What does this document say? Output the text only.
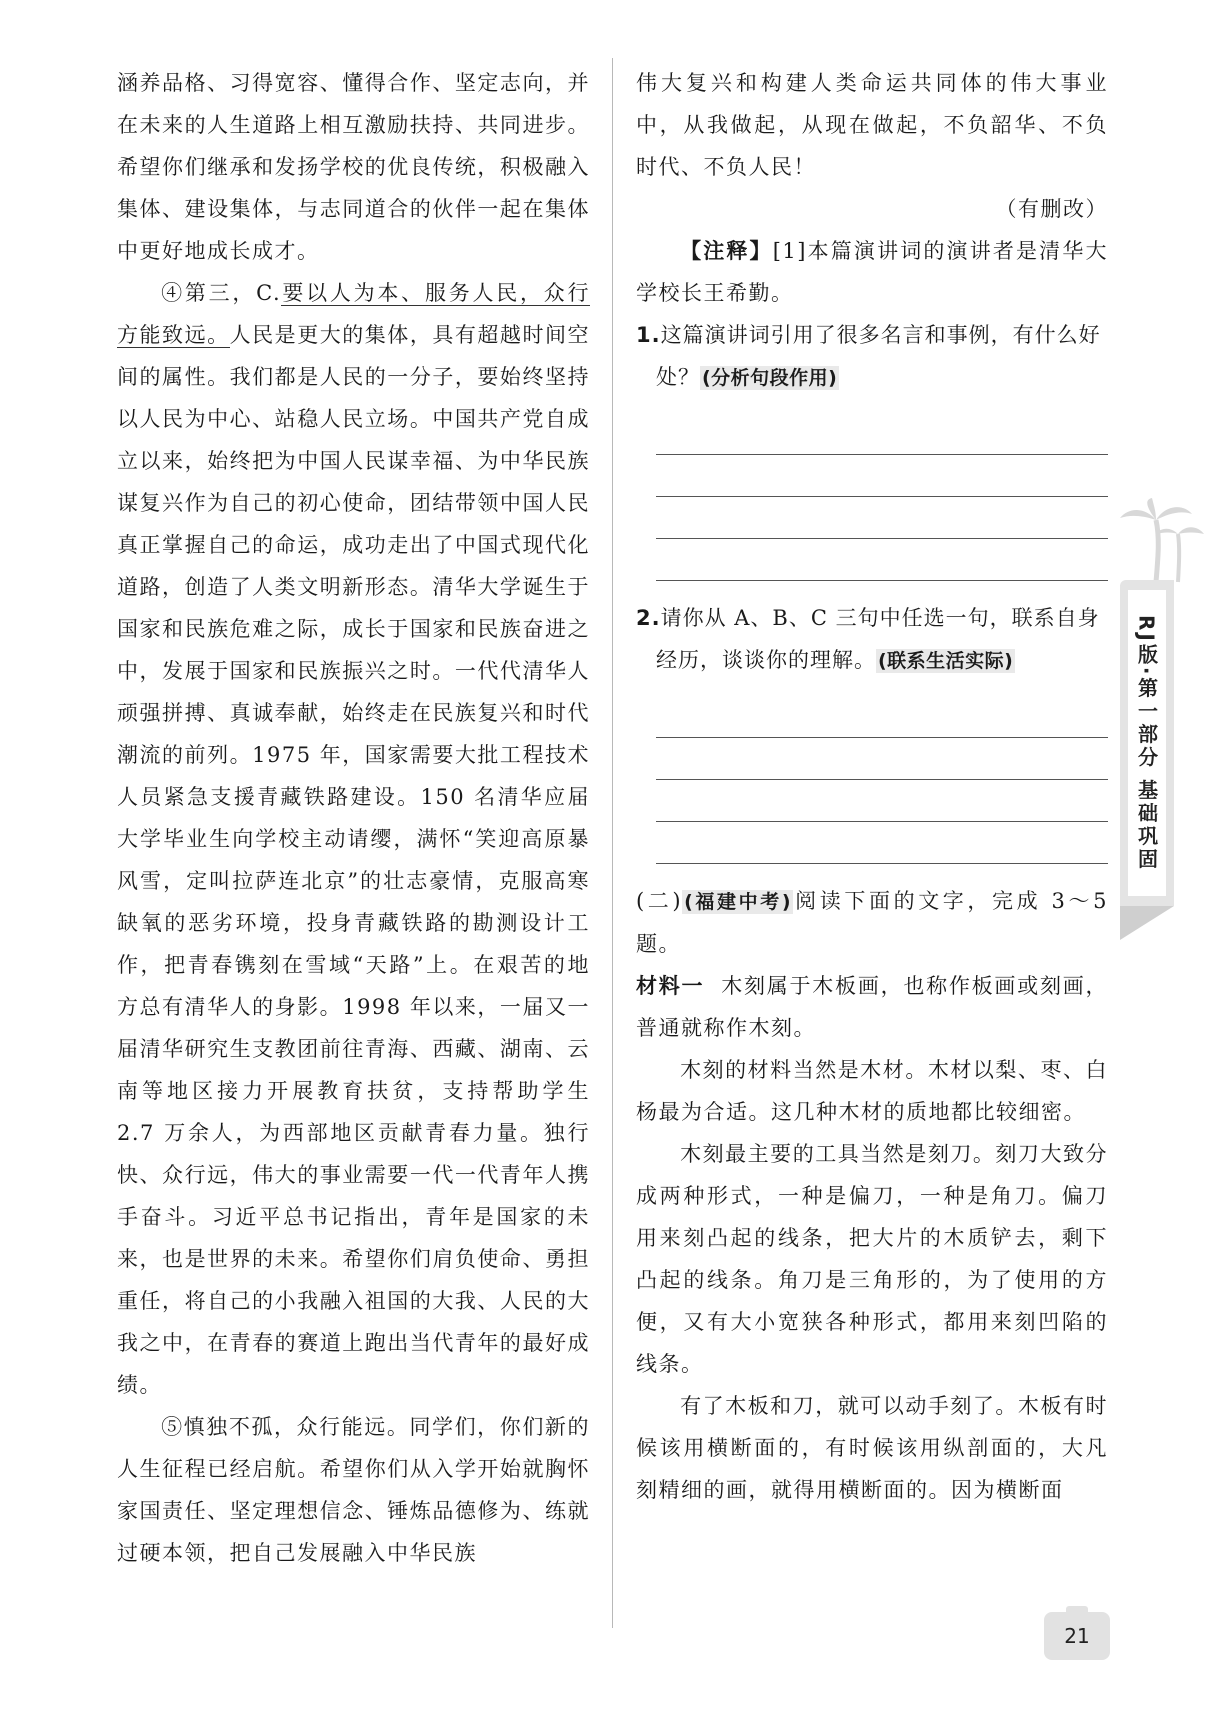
涵养品格、习得宽容、懂得合作、坚定志向，并在未来的人生道路上相互激励扶持、共同进步。希望你们继承和发扬学校的优良传统，积极融入集体、建设集体，与志同道合的伙伴一起在集体中更好地成长成才。

④第三，C.要以人为本、服务人民，众行方能致远。人民是更大的集体，具有超越时间空间的属性。我们都是人民的一分子，要始终坚持以人民为中心、站稳人民立场。中国共产党自成立以来，始终把为中国人民谋幸福、为中华民族谋复兴作为自己的初心使命，团结带领中国人民真正掌握自己的命运，成功走出了中国式现代化道路，创造了人类文明新形态。清华大学诞生于国家和民族危难之际，成长于国家和民族奋进之中，发展于国家和民族振兴之时。一代代清华人顽强拼搏、真诚奉献，始终走在民族复兴和时代潮流的前列。1975 年，国家需要大批工程技术人员紧急支援青藏铁路建设。150 名清华应届大学毕业生向学校主动请缨，满怀“笑迎高原暴风雪，定叫拉萨连北京”的壮志豪情，克服高寒缺氧的恶劣环境，投身青藏铁路的勘测设计工作，把青春镌刻在雪域“天路”上。在艰苦的地方总有清华人的身影。1998 年以来，一届又一届清华研究生支教团前往青海、西藏、湖南、云南等地区接力开展教育扶贫，支持帮助学生 2.7 万余人，为西部地区贡献青春力量。独行快、众行远，伟大的事业需要一代一代青年人携手奋斗。习近平总书记指出，青年是国家的未来，也是世界的未来。希望你们肩负使命、勇担重任，将自己的小我融入祖国的大我、人民的大我之中，在青春的赛道上跑出当代青年的最好成绩。

⑤慎独不孤，众行能远。同学们，你们新的人生征程已经启航。希望你们从入学开始就胸怀家国责任、坚定理想信念、锤炼品德修为、练就过硬本领，把自己发展融入中华民族

伟大复兴和构建人类命运共同体的伟大事业中，从我做起，从现在做起，不负韶华、不负时代、不负人民！

（有删改）

【注释】[1]本篇演讲词的演讲者是清华大学校长王希勤。

1.这篇演讲词引用了很多名言和事例，有什么好处？ (分析句段作用)
2.请你从 A、B、C 三句中任选一句，联系自身经历，谈谈你的理解。 (联系生活实际)

(二) (福建中考)阅读下面的文字，完成 3～5 题。

材料一 木刻属于木板画，也称作板画或刻画，普通就称作木刻。

木刻的材料当然是木材。木材以梨、枣、白杨最为合适。这几种木材的质地都比较细密。

木刻最主要的工具当然是刻刀。刻刀大致分成两种形式，一种是偏刀，一种是角刀。偏刀用来刻凸起的线条，把大片的木质铲去，剩下凸起的线条。角刀是三角形的，为了使用的方便，又有大小宽狭各种形式，都用来刻凹陷的线条。

有了木板和刀，就可以动手刻了。木板有时候该用横断面的，有时候该用纵剖面的，大凡刻精细的画，就得用横断面的。因为横断面

RJ版·第一部分 基础巩固
21
